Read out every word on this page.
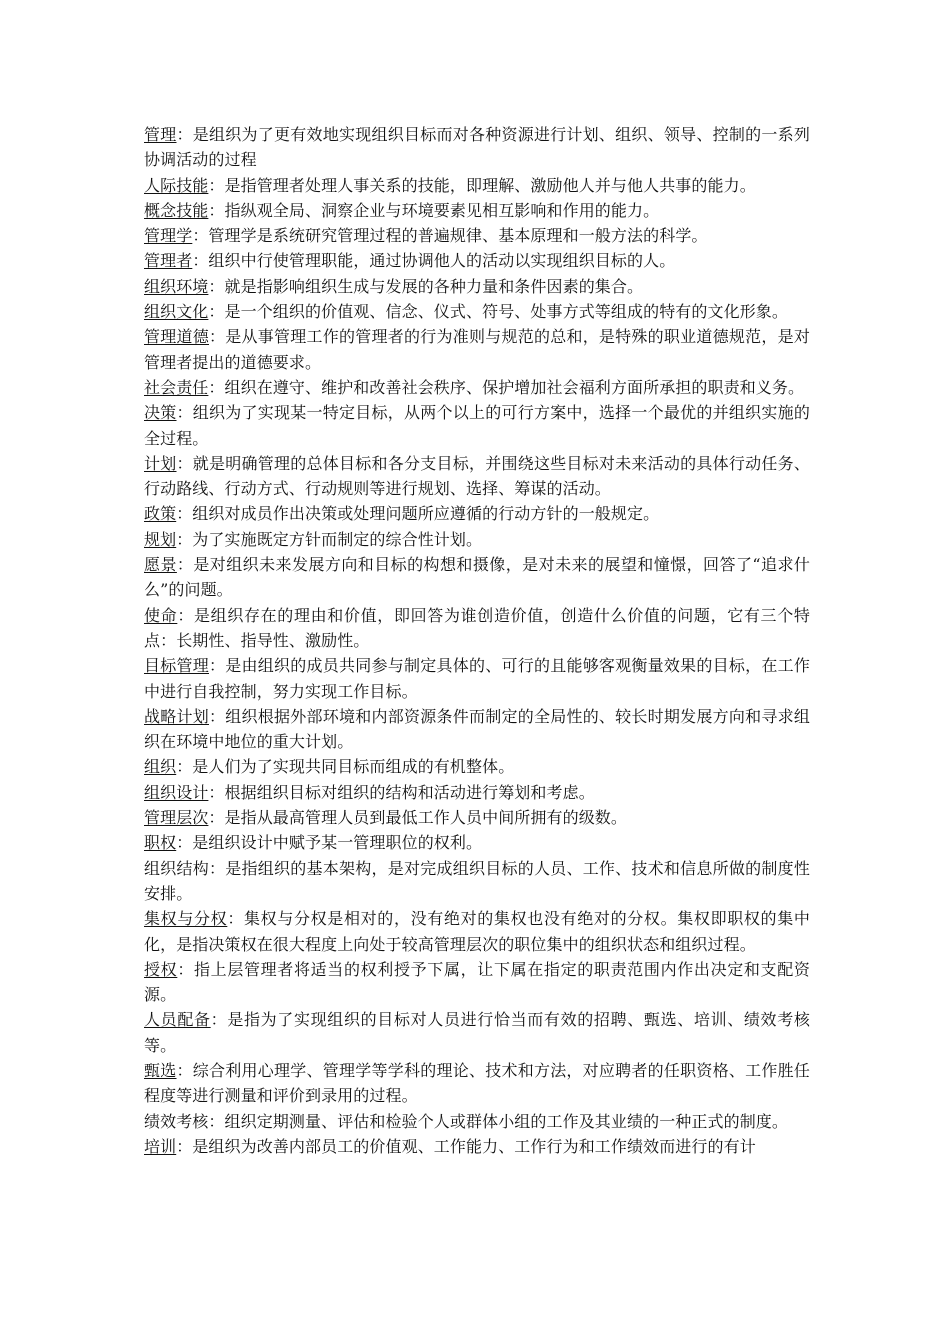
管理：是组织为了更有效地实现组织目标而对各种资源进行计划、组织、领导、控制的一系列协调活动的过程
人际技能：是指管理者处理人事关系的技能，即理解、激励他人并与他人共事的能力。
概念技能：指纵观全局、洞察企业与环境要素见相互影响和作用的能力。
管理学：管理学是系统研究管理过程的普遍规律、基本原理和一般方法的科学。
管理者：组织中行使管理职能，通过协调他人的活动以实现组织目标的人。
组织环境：就是指影响组织生成与发展的各种力量和条件因素的集合。
组织文化：是一个组织的价值观、信念、仪式、符号、处事方式等组成的特有的文化形象。
管理道德：是从事管理工作的管理者的行为准则与规范的总和，是特殊的职业道德规范，是对管理者提出的道德要求。
社会责任：组织在遵守、维护和改善社会秩序、保护增加社会福利方面所承担的职责和义务。
决策：组织为了实现某一特定目标，从两个以上的可行方案中，选择一个最优的并组织实施的全过程。
计划：就是明确管理的总体目标和各分支目标，并围绕这些目标对未来活动的具体行动任务、行动路线、行动方式、行动规则等进行规划、选择、筹谋的活动。
政策：组织对成员作出决策或处理问题所应遵循的行动方针的一般规定。
规划：为了实施既定方针而制定的综合性计划。
愿景：是对组织未来发展方向和目标的构想和摄像，是对未来的展望和憧憬，回答了“追求什么”的问题。
使命：是组织存在的理由和价值，即回答为谁创造价值，创造什么价值的问题，它有三个特点：长期性、指导性、激励性。
目标管理：是由组织的成员共同参与制定具体的、可行的且能够客观衡量效果的目标，在工作中进行自我控制，努力实现工作目标。
战略计划：组织根据外部环境和内部资源条件而制定的全局性的、较长时期发展方向和寻求组织在环境中地位的重大计划。
组织：是人们为了实现共同目标而组成的有机整体。
组织设计：根据组织目标对组织的结构和活动进行筹划和考虑。
管理层次：是指从最高管理人员到最低工作人员中间所拥有的级数。
职权：是组织设计中赋予某一管理职位的权利。
组织结构：是指组织的基本架构，是对完成组织目标的人员、工作、技术和信息所做的制度性安排。
集权与分权：集权与分权是相对的，没有绝对的集权也没有绝对的分权。集权即职权的集中化，是指决策权在很大程度上向处于较高管理层次的职位集中的组织状态和组织过程。
授权：指上层管理者将适当的权利授予下属，让下属在指定的职责范围内作出决定和支配资源。
人员配备：是指为了实现组织的目标对人员进行恰当而有效的招聘、甄选、培训、绩效考核等。
甄选：综合利用心理学、管理学等学科的理论、技术和方法，对应聘者的任职资格、工作胜任程度等进行测量和评价到录用的过程。
绩效考核：组织定期测量、评估和检验个人或群体小组的工作及其业绩的一种正式的制度。
培训：是组织为改善内部员工的价值观、工作能力、工作行为和工作绩效而进行的有计
